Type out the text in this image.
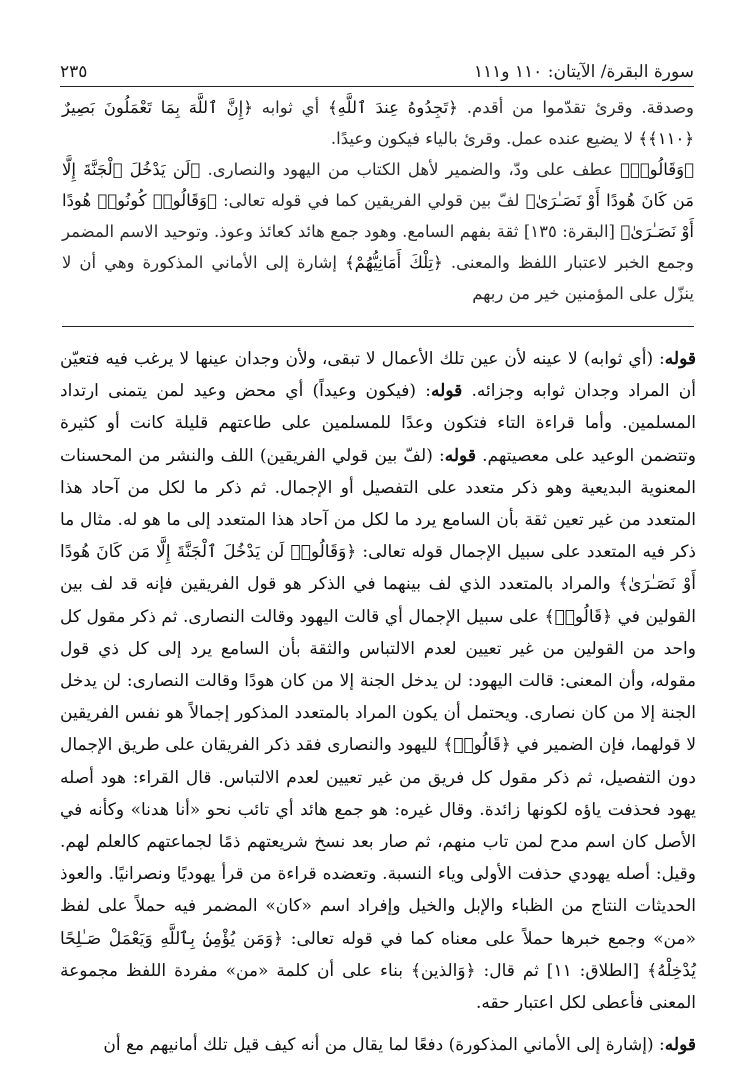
سورة البقرة/ الآيتان: ١١٠ و١١١
٢٣٥

وصدقة. وقرئ تقدّموا من أقدم. ﴿تَجِدُوهُ عِندَ ٱللَّهِ﴾ أي ثوابه ﴿إِنَّ ٱللَّهَ بِمَا تَعْمَلُونَ بَصِيرٌ ﴿١١٠﴾﴾ لا يضيع عنده عمل. وقرئ بالياء فيكون وعيدًا.

﴿وَقَالُوا۟﴾ عطف على ودّ، والضمير لأهل الكتاب من اليهود والنصارى. ﴿لَن يَدْخُلَ ٱلْجَنَّةَ إِلَّا مَن كَانَ هُودًا أَوْ نَصَـٰرَىٰ﴾ لفّ بين قولي الفريقين كما في قوله تعالى: ﴿وَقَالُوا۟ كُونُوا۟ هُودًا أَوْ نَصَـٰرَىٰ﴾ [البقرة: ١٣٥] ثقة بفهم السامع. وهود جمع هائد كعائذ وعوذ. وتوحيد الاسم المضمر وجمع الخبر لاعتبار اللفظ والمعنى. ﴿تِلْكَ أَمَانِيُّهُمْ﴾ إشارة إلى الأماني المذكورة وهي أن لا ينزّل على المؤمنين خير من ربهم

قوله: (أي ثوابه) لا عينه لأن عين تلك الأعمال لا تبقى، ولأن وجدان عينها لا يرغب فيه فتعيّن أن المراد وجدان ثوابه وجزائه. قوله: (فيكون وعيداً) أي محض وعيد لمن يتمنى ارتداد المسلمين. وأما قراءة التاء فتكون وعدًا للمسلمين على طاعتهم قليلة كانت أو كثيرة وتتضمن الوعيد على معصيتهم. قوله: (لفّ بين قولي الفريقين) اللف والنشر من المحسنات المعنوية البديعية وهو ذكر متعدد على التفصيل أو الإجمال. ثم ذكر ما لكل من آحاد هذا المتعدد من غير تعين ثقة بأن السامع يرد ما لكل من آحاد هذا المتعدد إلى ما هو له. مثال ما ذكر فيه المتعدد على سبيل الإجمال قوله تعالى: ﴿وَقَالُوا۟ لَن يَدْخُلَ ٱلْجَنَّةَ إِلَّا مَن كَانَ هُودًا أَوْ نَصَـٰرَىٰ﴾ والمراد بالمتعدد الذي لف بينهما في الذكر هو قول الفريقين فإنه قد لف بين القولين في ﴿قَالُوا۟﴾ على سبيل الإجمال أي قالت اليهود وقالت النصارى. ثم ذكر مقول كل واحد من القولين من غير تعيين لعدم الالتباس والثقة بأن السامع يرد إلى كل ذي قول مقوله، وأن المعنى: قالت اليهود: لن يدخل الجنة إلا من كان هودًا وقالت النصارى: لن يدخل الجنة إلا من كان نصارى. ويحتمل أن يكون المراد بالمتعدد المذكور إجمالاً هو نفس الفريقين لا قولهما، فإن الضمير في ﴿قَالُوا۟﴾ لليهود والنصارى فقد ذكر الفريقان على طريق الإجمال دون التفصيل، ثم ذكر مقول كل فريق من غير تعيين لعدم الالتباس. قال القراء: هود أصله يهود فحذفت ياؤه لكونها زائدة. وقال غيره: هو جمع هائد أي تائب نحو «أنا هدنا» وكأنه في الأصل كان اسم مدح لمن تاب منهم، ثم صار بعد نسخ شريعتهم ذمًا لجماعتهم كالعلم لهم. وقيل: أصله يهودي حذفت الأولى وياء النسبة. وتعضده قراءة من قرأ يهوديًا ونصرانيًا. والعوذ الحديثات النتاج من الظباء والإبل والخيل وإفراد اسم «كان» المضمر فيه حملاً على لفظ «من» وجمع خبرها حملاً على معناه كما في قوله تعالى: ﴿وَمَن يُؤْمِنۢ بِٱللَّهِ وَيَعْمَلْ صَـٰلِحًا يُدْخِلْهُ﴾ [الطلاق: ١١] ثم قال: ﴿وَالذين﴾ بناء على أن كلمة «من» مفردة اللفظ مجموعة المعنى فأعطى لكل اعتبار حقه.

قوله: (إشارة إلى الأماني المذكورة) دفعًا لما يقال من أنه كيف قيل تلك أمانيهم مع أن
